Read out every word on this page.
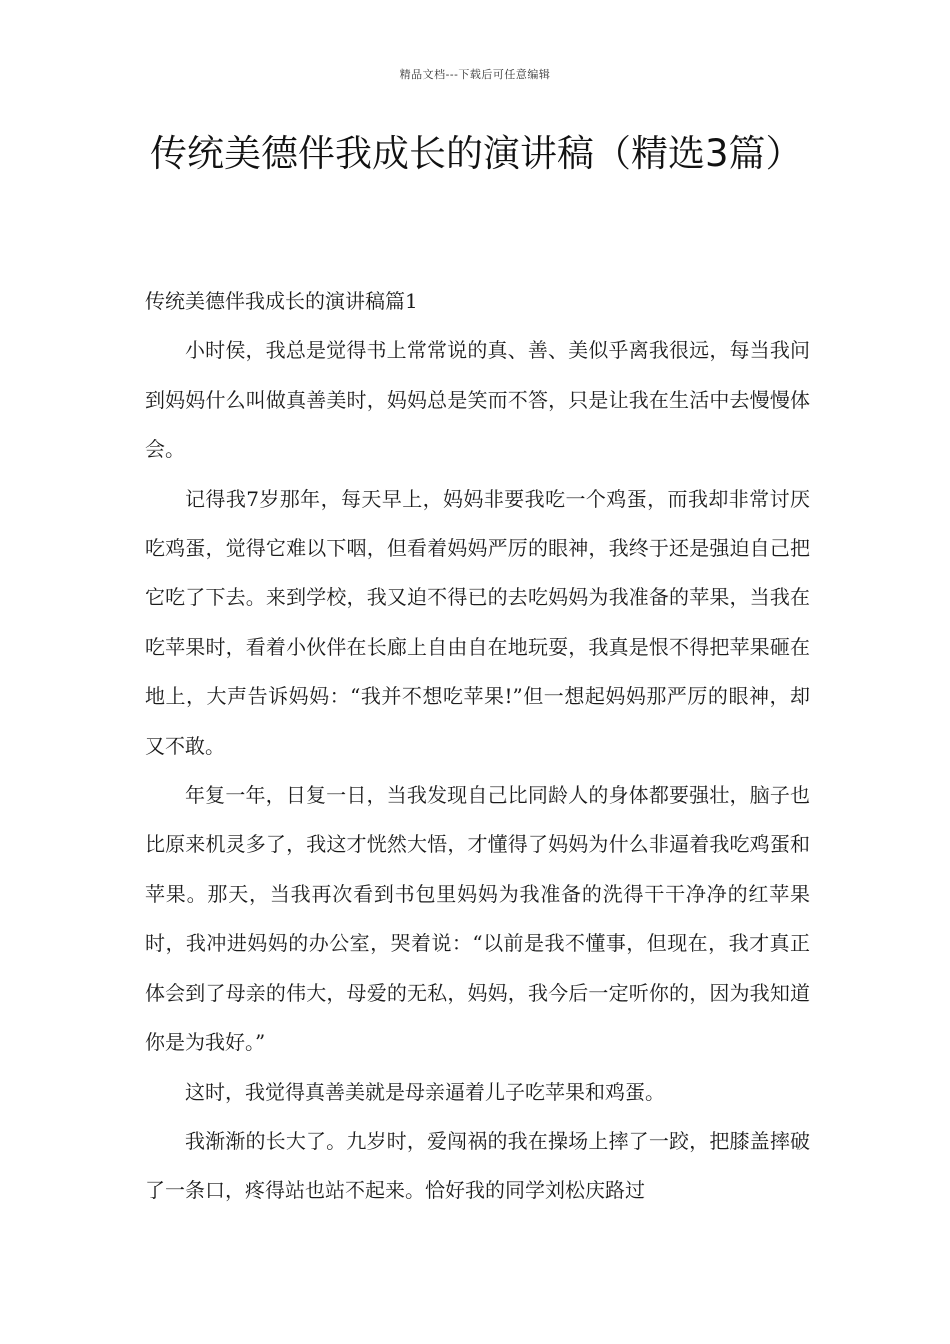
精品文档---下载后可任意编辑
传统美德伴我成长的演讲稿（精选3篇）
传统美德伴我成长的演讲稿篇1

小时侯，我总是觉得书上常常说的真、善、美似乎离我很远，每当我问到妈妈什么叫做真善美时，妈妈总是笑而不答，只是让我在生活中去慢慢体会。

记得我7岁那年，每天早上，妈妈非要我吃一个鸡蛋，而我却非常讨厌吃鸡蛋，觉得它难以下咽，但看着妈妈严厉的眼神，我终于还是强迫自己把它吃了下去。来到学校，我又迫不得已的去吃妈妈为我准备的苹果，当我在吃苹果时，看着小伙伴在长廊上自由自在地玩耍，我真是恨不得把苹果砸在地上，大声告诉妈妈：“我并不想吃苹果!”但一想起妈妈那严厉的眼神，却又不敢。

年复一年，日复一日，当我发现自己比同龄人的身体都要强壮，脑子也比原来机灵多了，我这才恍然大悟，才懂得了妈妈为什么非逼着我吃鸡蛋和苹果。那天，当我再次看到书包里妈妈为我准备的洗得干干净净的红苹果时，我冲进妈妈的办公室，哭着说：“以前是我不懂事，但现在，我才真正体会到了母亲的伟大，母爱的无私，妈妈，我今后一定听你的，因为我知道你是为我好。”

这时，我觉得真善美就是母亲逼着儿子吃苹果和鸡蛋。

我渐渐的长大了。九岁时，爱闯祸的我在操场上摔了一跤，把膝盖摔破了一条口，疼得站也站不起来。恰好我的同学刘松庆路过
